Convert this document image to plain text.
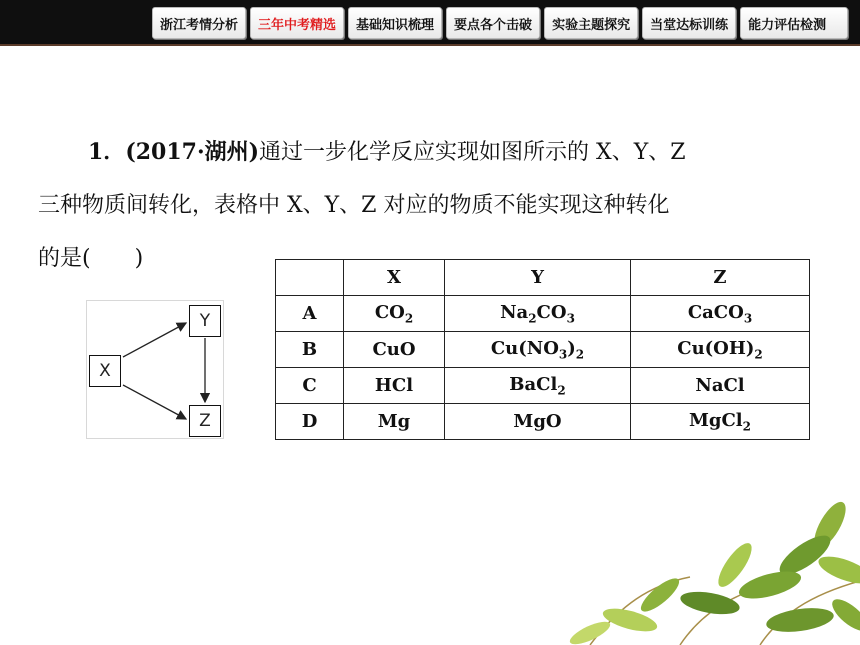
浙江考情分析	三年中考精选	基础知识梳理	要点各个击破	实验主题探究	当堂达标训练	能力评估检测
1．(2017·湖州)通过一步化学反应实现如图所示的 X、Y、Z
三种物质间转化，表格中 X、Y、Z 对应的物质不能实现这种转化
的是(　　)
X
Y
Z
	X	Y	Z
A	$CO_2$	$Na_2CO_3$	CaCO$_3$
B	CuO	$Cu(NO_3)_2$	$Cu(OH)_2$
C	HCl	BaCl$_2$	NaCl
D	Mg	MgO	MgCl$_2$
